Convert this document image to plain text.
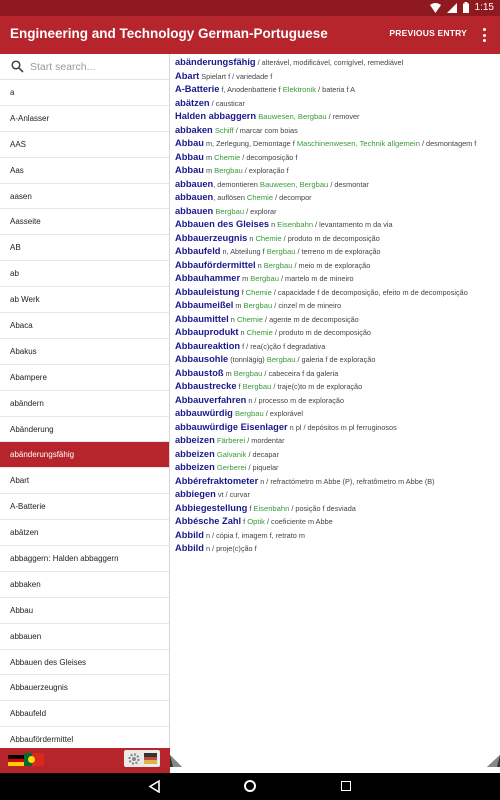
1:15
Engineering and Technology German-Portuguese	PREVIOUS ENTRY
Start search...
a
A-Anlasser
AAS
Aas
aasen
Aasseite
AB
ab
ab Werk
Abaca
Abakus
Abampere
abändern
Abänderung
abänderungsfähig
Abart
A-Batterie
abätzen
abbaggern: Halden abbaggern
abbaken
Abbau
abbauen
Abbauen des Gleises
Abbauerzeugnis
Abbaufeld
Abbaufördermittel
abänderungsfähig / alterável, modificável, corrigível, remediável
Abart Spielart f / variedade f
A-Batterie f, Anodenbatterie f Elektronik / bateria f A
abätzen / causticar
Halden abbaggern Bauwesen, Bergbau / remover
abbaken Schiff / marcar com boias
Abbau m, Zerlegung, Demontage f Maschinenwesen, Technik allgemein / desmontagem f
Abbau m Chemie / decomposição f
Abbau m Bergbau / exploração f
abbauen, demontieren Bauwesen, Bergbau / desmontar
abbauen, auflösen Chemie / decompor
abbauen Bergbau / explorar
Abbauen des Gleises n Eisenbahn / levantamento m da via
Abbauerzeugnis n Chemie / produto m de decomposição
Abbaufeld n, Abteilung f Bergbau / terreno m de exploração
Abbaufördermittel n Bergbau / meio m de exploração
Abbauhammer m Bergbau / martelo m de mineiro
Abbauleistung f Chemie / capacidade f de decomposição, efeito m de decomposição
Abbaumeißel m Bergbau / cinzel m de mineiro
Abbaumittel n Chemie / agente m de decomposição
Abbauprodukt n Chemie / produto m de decomposição
Abbaureaktion f / rea(c)ção f degradativa
Abbausohle (tonnlägig) Bergbau / galeria f de exploração
Abbaustoß m Bergbau / cabeceira f da galeria
Abbaustrecke f Bergbau / traje(c)to m de exploração
Abbauverfahren n / processo m de exploração
abbauwürdig Bergbau / explorável
abbauwürdige Eisenlager n pl / depósitos m pl ferruginosos
abbeizen Färberei / mordentar
abbeizen Galvanik / decapar
abbeizen Gerberei / piquelar
Abbérefraktometer n / refractómetro m Abbe (P), refratômetro m Abbe (B)
abbiegen vt / curvar
Abbiegestellung f Eisenbahn / posição f desviada
Abbésche Zahl f Optik / coeficiente m Abbe
Abbild n / cópia f, imagem f, retrato m
Abbild n / proje(c)ção f
